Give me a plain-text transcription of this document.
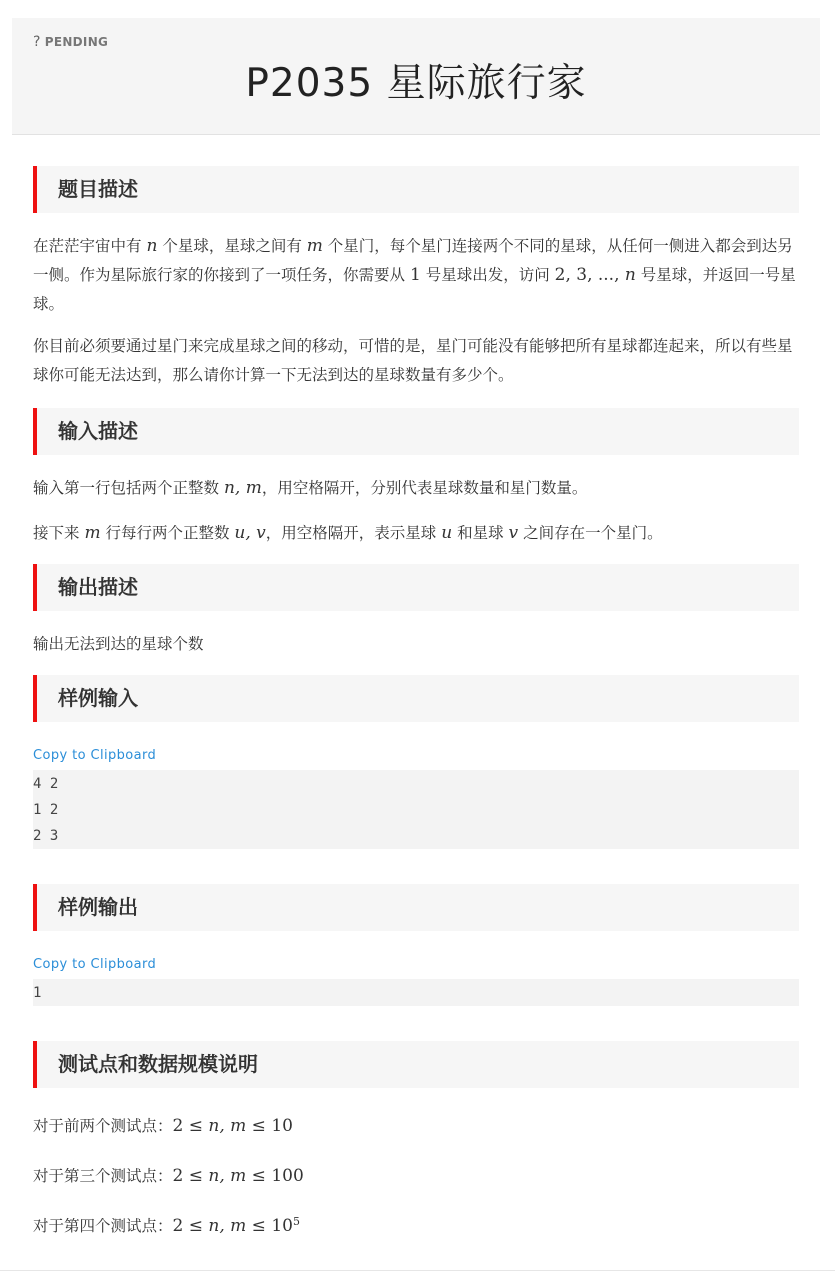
? PENDING
P2035 星际旅行家
题目描述

在茫茫宇宙中有 n 个星球，星球之间有 m 个星门，每个星门连接两个不同的星球，从任何一侧进入都会到达另一侧。作为星际旅行家的你接到了一项任务，你需要从 1 号星球出发，访问 2, 3, ..., n 号星球，并返回一号星球。

你目前必须要通过星门来完成星球之间的移动，可惜的是，星门可能没有能够把所有星球都连起来，所以有些星球你可能无法达到，那么请你计算一下无法到达的星球数量有多少个。

输入描述

输入第一行包括两个正整数 n, m，用空格隔开，分别代表星球数量和星门数量。

接下来 m 行每行两个正整数 u, v，用空格隔开，表示星球 u 和星球 v 之间存在一个星门。

输出描述

输出无法到达的星球个数

样例输入

Copy to Clipboard

4 2
1 2
2 3
样例输出

Copy to Clipboard

1
测试点和数据规模说明

对于前两个测试点：2 ≤ n, m ≤ 10

对于第三个测试点：2 ≤ n, m ≤ 100

对于第四个测试点：2 ≤ n, $m \le 10^5$
